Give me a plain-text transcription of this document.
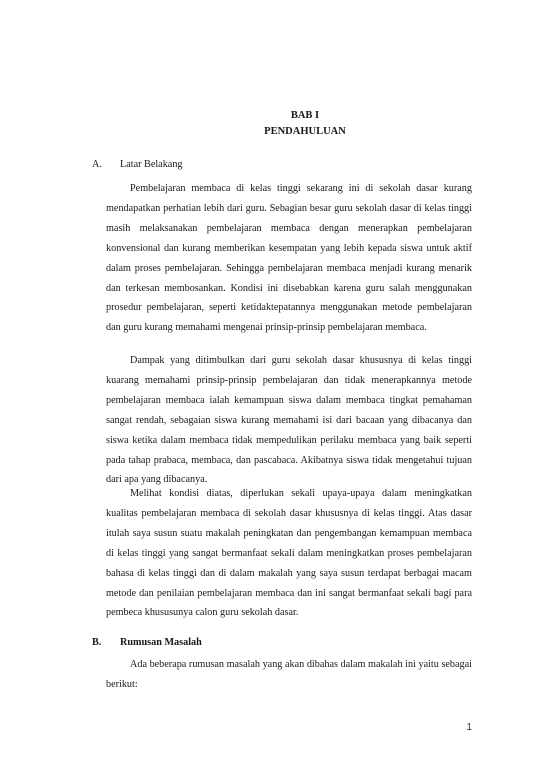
BAB I
PENDAHULUAN
A. Latar Belakang

Pembelajaran membaca di kelas tinggi sekarang ini di sekolah dasar kurang mendapatkan perhatian lebih dari guru. Sebagian besar guru sekolah dasar di kelas tinggi masih melaksanakan pembelajaran membaca dengan menerapkan pembelajaran konvensional dan kurang memberikan kesempatan yang lebih kepada siswa untuk aktif dalam proses pembelajaran. Sehingga pembelajaran membaca menjadi kurang menarik dan terkesan membosankan. Kondisi ini disebabkan karena guru salah menggunakan prosedur pembelajaran, seperti ketidaktepatannya menggunakan metode pembelajaran dan guru kurang memahami mengenai prinsip-prinsip pembelajaran membaca.

Dampak yang ditimbulkan dari guru sekolah dasar khususnya di kelas tinggi kuarang memahami prinsip-prinsip pembelajaran dan tidak menerapkannya metode pembelajaran membaca ialah kemampuan siswa dalam membaca tingkat pemahaman sangat rendah, sebagaian siswa kurang memahami isi dari bacaan yang dibacanya dan siswa ketika dalam membaca tidak mempedulikan perilaku membaca yang baik seperti pada tahap prabaca, membaca, dan pascabaca. Akibatnya siswa tidak mengetahui tujuan dari apa yang dibacanya.

Melihat kondisi diatas, diperlukan sekali upaya-upaya dalam meningkatkan kualitas pembelajaran membaca di sekolah dasar khususnya di kelas tinggi. Atas dasar itulah saya susun suatu makalah peningkatan dan pengembangan kemampuan membaca di kelas tinggi yang sangat bermanfaat sekali dalam meningkatkan proses pembelajaran bahasa di kelas tinggi dan di dalam makalah yang saya susun terdapat berbagai macam metode dan penilaian pembelajaran membaca dan ini sangat bermanfaat sekali bagi para pembeca khususunya calon guru sekolah dasar.

B. Rumusan Masalah

Ada beberapa rumusan masalah yang akan dibahas dalam makalah ini yaitu sebagai berikut:

1
